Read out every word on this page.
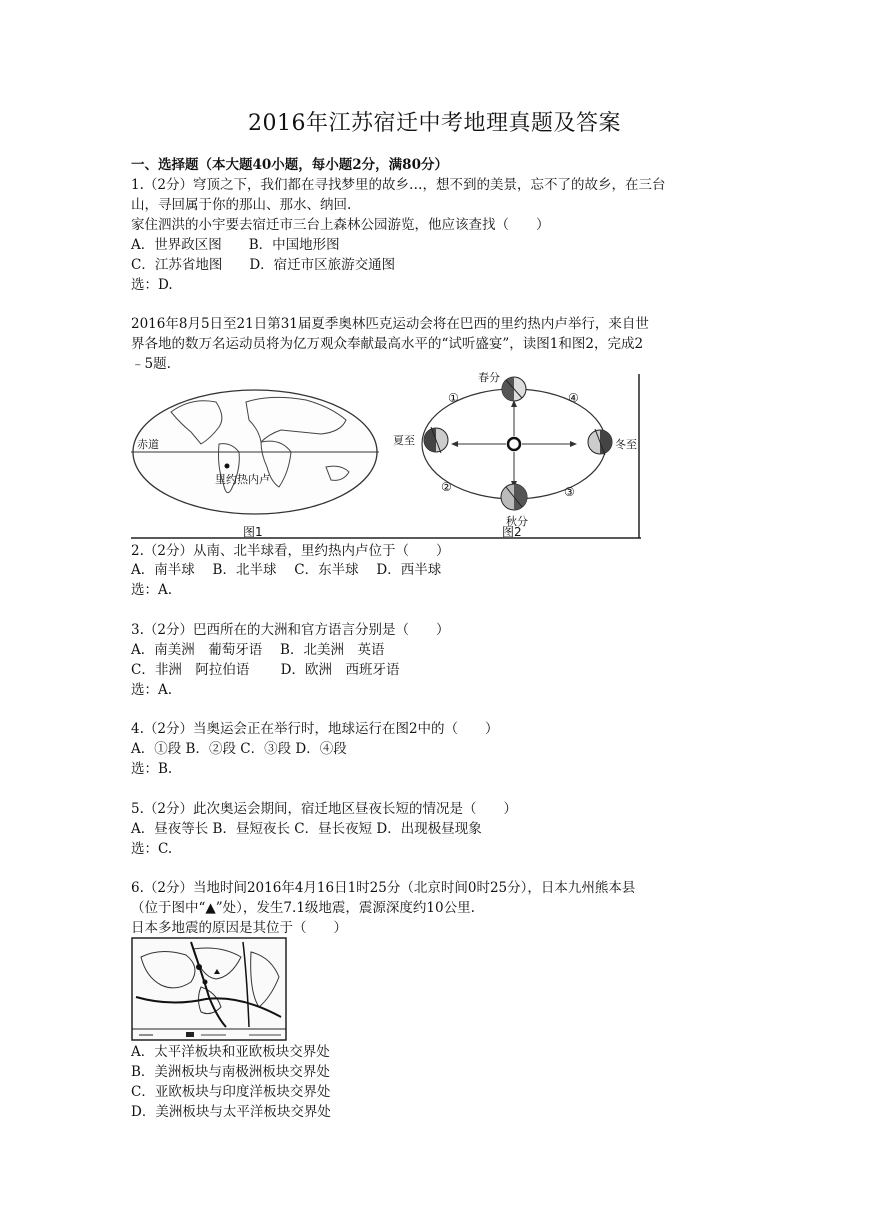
2016年江苏宿迁中考地理真题及答案
一、选择题（本大题40小题，每小题2分，满80分）
1.（2分）穹顶之下，我们都在寻找梦里的故乡…，想不到的美景，忘不了的故乡，在三台
山，寻回属于你的那山、那水、纳回.
家住泗洪的小宇要去宿迁市三台上森林公园游览，他应该查找（　　）
A．世界政区图　　B．中国地形图
C．江苏省地图　　D．宿迁市区旅游交通图
选：D.
2016年8月5日至21日第31届夏季奥林匹克运动会将在巴西的里约热内卢举行，来自世
界各地的数万名运动员将为亿万观众奉献最高水平的“试听盛宴”，读图1和图2，完成2
﹣5题.
赤道
里约热内卢
图1
春分
夏至
秋分
冬至
①
②	③
④
图2
2.（2分）从南、北半球看，里约热内卢位于（　　）
A．南半球　 B．北半球　 C．东半球　 D．西半球
选：A.
3.（2分）巴西所在的大洲和官方语言分别是（　　）
A．南美洲　葡萄牙语　 B．北美洲　英语
C．非洲　阿拉伯语　　 D．欧洲　西班牙语
选：A.
4.（2分）当奥运会正在举行时，地球运行在图2中的（　　）
A．①段 B．②段 C．③段 D．④段
选：B.
5.（2分）此次奥运会期间，宿迁地区昼夜长短的情况是（　　）
A．昼夜等长 B．昼短夜长 C．昼长夜短 D．出现极昼现象
选：C.
6.（2分）当地时间2016年4月16日1时25分（北京时间0时25分），日本九州熊本县
（位于图中“▲”处），发生7.1级地震，震源深度约10公里.
日本多地震的原因是其位于（　　）
A．太平洋板块和亚欧板块交界处
B．美洲板块与南极洲板块交界处
C．亚欧板块与印度洋板块交界处
D．美洲板块与太平洋板块交界处
